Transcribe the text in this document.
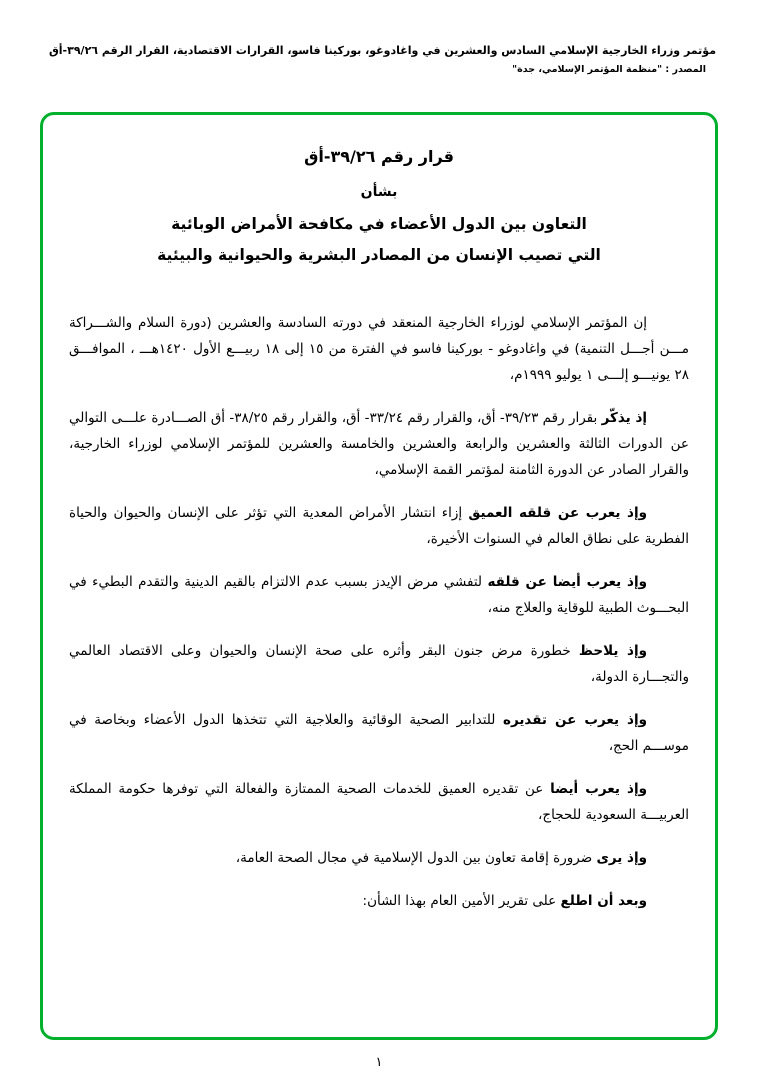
مؤتمر وزراء الخارجية الإسلامي السادس والعشرين في واغادوغو، بوركينا فاسو، القرارات الاقتصادية، القرار الرقم ٣٩/٢٦-أق
المصدر : "منظمة المؤتمر الإسلامي، جدة"
قرار رقم ٣٩/٢٦-أق
بشأن
التعاون بين الدول الأعضاء في مكافحة الأمراض الوبائية
التي تصيب الإنسان من المصادر البشرية والحيوانية والبيئية

إن المؤتمر الإسلامي لوزراء الخارجية المنعقد في دورته السادسة والعشرين (دورة السلام والشـــراكة مـــن أجـــل التنمية) في واغادوغو - بوركينا فاسو في الفترة من ١٥ إلى ١٨ ربيـــع الأول ١٤٢٠هـــ ، الموافـــق ٢٨ يونيـــو إلـــى ١ يوليو ١٩٩٩م،

إذ يذكّر بقرار رقم ٣٩/٢٣- أق، والقرار رقم ٣٣/٢٤- أق، والقرار رقم ٣٨/٢٥- أق الصـــادرة علـــى التوالي عن الدورات الثالثة والعشرين والرابعة والعشرين والخامسة والعشرين للمؤتمر الإسلامي لوزراء الخارجية، والقرار الصادر عن الدورة الثامنة لمؤتمر القمة الإسلامي،

وإذ يعرب عن قلقه العميق إزاء انتشار الأمراض المعدية التي تؤثر على الإنسان والحيوان والحياة الفطرية على نطاق العالم في السنوات الأخيرة،

وإذ يعرب أيضا عن قلقه لتفشي مرض الإيدز بسبب عدم الالتزام بالقيم الدينية والتقدم البطيء في البحـــوث الطبية للوقاية والعلاج منه،

وإذ يلاحظ خطورة مرض جنون البقر وأثره على صحة الإنسان والحيوان وعلى الاقتصاد العالمي والتجـــارة الدولة،

وإذ يعرب عن تقديره للتدابير الصحية الوقائية والعلاجية التي تتخذها الدول الأعضاء وبخاصة في موســـم الحج،

وإذ يعرب أيضا عن تقديره العميق للخدمات الصحية الممتازة والفعالة التي توفرها حكومة المملكة العربيـــة السعودية للحجاج،

وإذ يرى ضرورة إقامة تعاون بين الدول الإسلامية في مجال الصحة العامة،

وبعد أن اطلع على تقرير الأمين العام بهذا الشأن:

١
